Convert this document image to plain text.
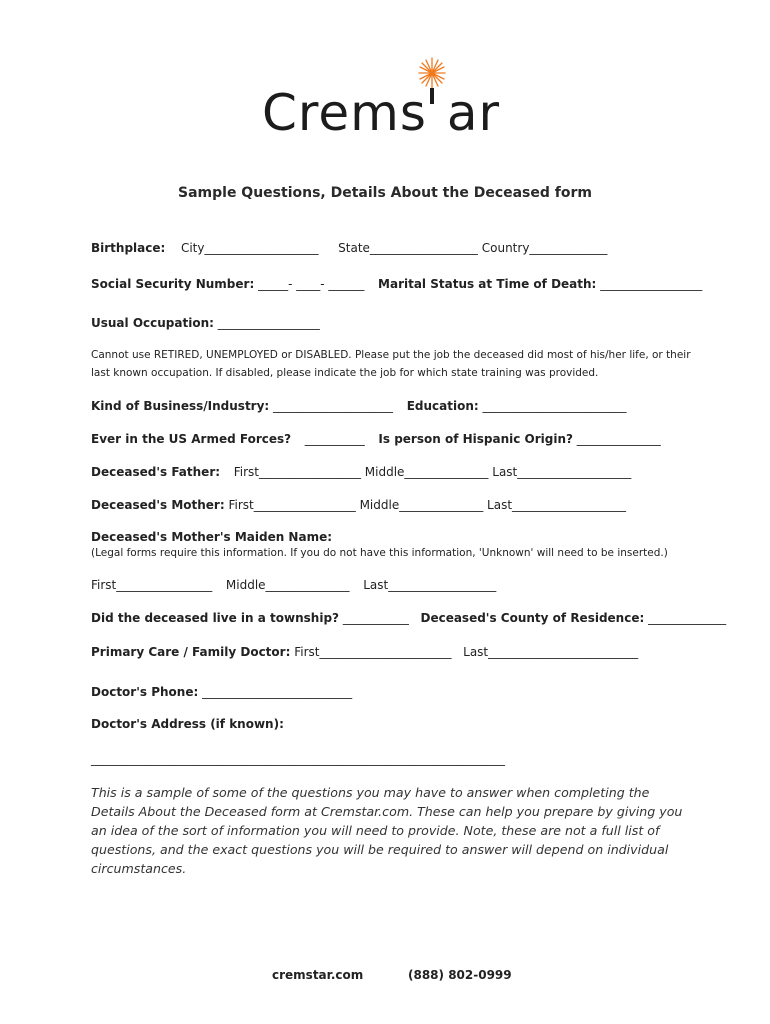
Crems ar
Sample Questions, Details About the Deceased form
Birthplace: City___________________ State__________________ Country_____________
Social Security Number: _____- ____- ______ Marital Status at Time of Death: _________________
Usual Occupation: _________________
Cannot use RETIRED, UNEMPLOYED or DISABLED. Please put the job the deceased did most of his/her life, or their
last known occupation. If disabled, please indicate the job for which state training was provided.
Kind of Business/Industry: ____________________ Education: ________________________
Ever in the US Armed Forces? __________ Is person of Hispanic Origin? ______________
Deceased's Father: First_________________ Middle______________ Last___________________
Deceased's Mother: First_________________ Middle______________ Last___________________
Deceased's Mother's Maiden Name:
(Legal forms require this information. If you do not have this information, 'Unknown' will need to be inserted.)
First________________ Middle______________ Last__________________
Did the deceased live in a township? ___________ Deceased's County of Residence: _____________
Primary Care / Family Doctor: First______________________ Last_________________________
Doctor's Phone: _________________________
Doctor's Address (if known):
_____________________________________________________________________
This is a sample of some of the questions you may have to answer when completing the Details About the Deceased form at Cremstar.com. These can help you prepare by giving you an idea of the sort of information you will need to provide. Note, these are not a full list of questions, and the exact questions you will be required to answer will depend on individual circumstances.
cremstar.com	(888) 802-0999
